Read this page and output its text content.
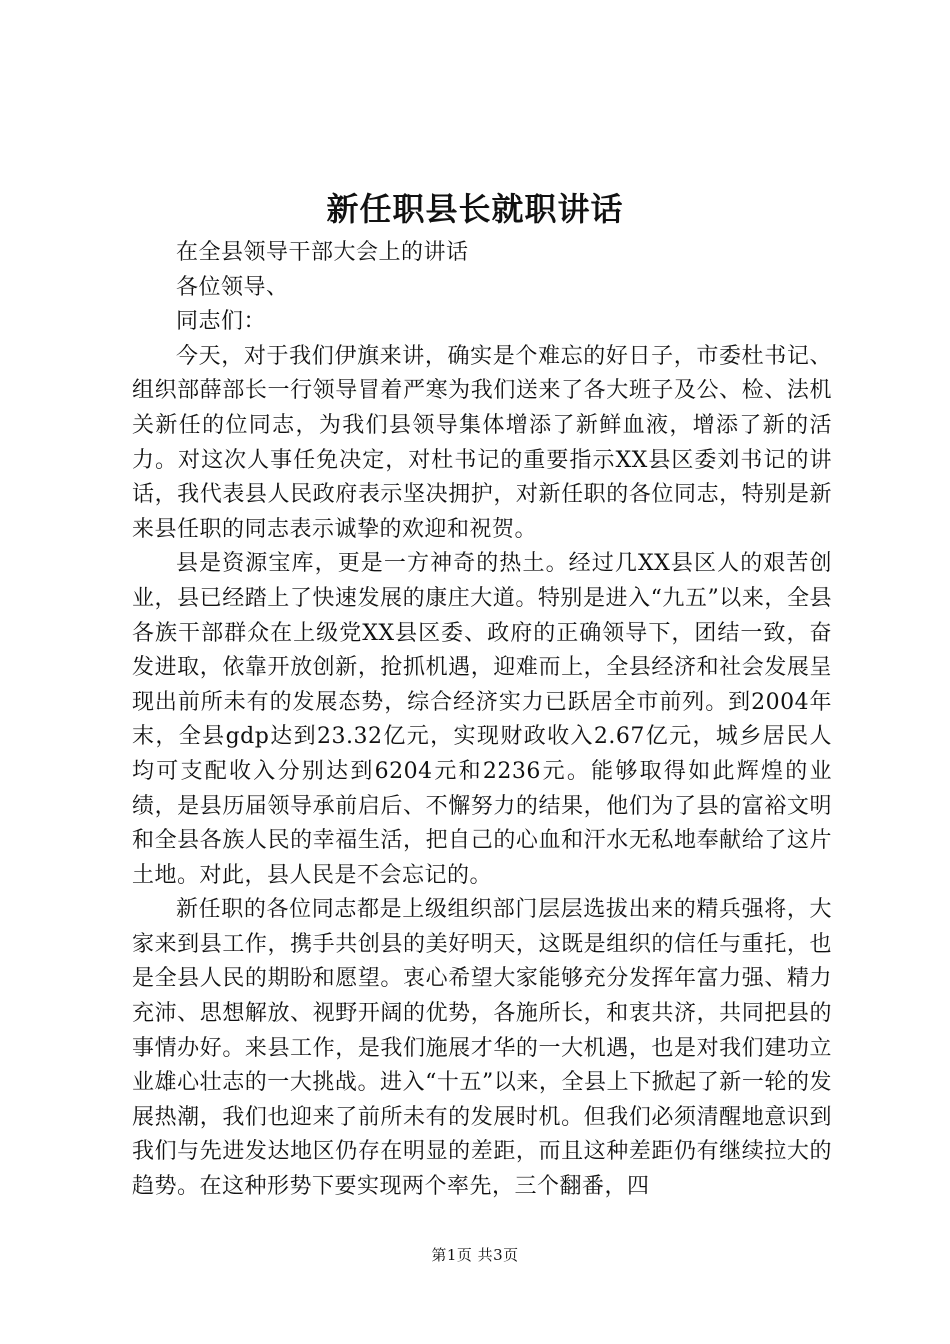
新任职县长就职讲话

在全县领导干部大会上的讲话

各位领导、

同志们：

今天，对于我们伊旗来讲，确实是个难忘的好日子，市委杜书记、组织部薛部长一行领导冒着严寒为我们送来了各大班子及公、检、法机关新任的位同志，为我们县领导集体增添了新鲜血液，增添了新的活力。对这次人事任免决定，对杜书记的重要指示XX县区委刘书记的讲话，我代表县人民政府表示坚决拥护，对新任职的各位同志，特别是新来县任职的同志表示诚挚的欢迎和祝贺。

县是资源宝库，更是一方神奇的热土。经过几XX县区人的艰苦创业，县已经踏上了快速发展的康庄大道。特别是进入“九五”以来，全县各族干部群众在上级党XX县区委、政府的正确领导下，团结一致，奋发进取，依靠开放创新，抢抓机遇，迎难而上，全县经济和社会发展呈现出前所未有的发展态势，综合经济实力已跃居全市前列。到2004年末，全县gdp达到23.32亿元，实现财政收入2.67亿元，城乡居民人均可支配收入分别达到6204元和2236元。能够取得如此辉煌的业绩，是县历届领导承前启后、不懈努力的结果，他们为了县的富裕文明和全县各族人民的幸福生活，把自己的心血和汗水无私地奉献给了这片土地。对此，县人民是不会忘记的。

新任职的各位同志都是上级组织部门层层选拔出来的精兵强将，大家来到县工作，携手共创县的美好明天，这既是组织的信任与重托，也是全县人民的期盼和愿望。衷心希望大家能够充分发挥年富力强、精力充沛、思想解放、视野开阔的优势，各施所长，和衷共济，共同把县的事情办好。来县工作，是我们施展才华的一大机遇，也是对我们建功立业雄心壮志的一大挑战。进入“十五”以来，全县上下掀起了新一轮的发展热潮，我们也迎来了前所未有的发展时机。但我们必须清醒地意识到我们与先进发达地区仍存在明显的差距，而且这种差距仍有继续拉大的趋势。在这种形势下要实现两个率先，三个翻番，四

第1页 共3页
